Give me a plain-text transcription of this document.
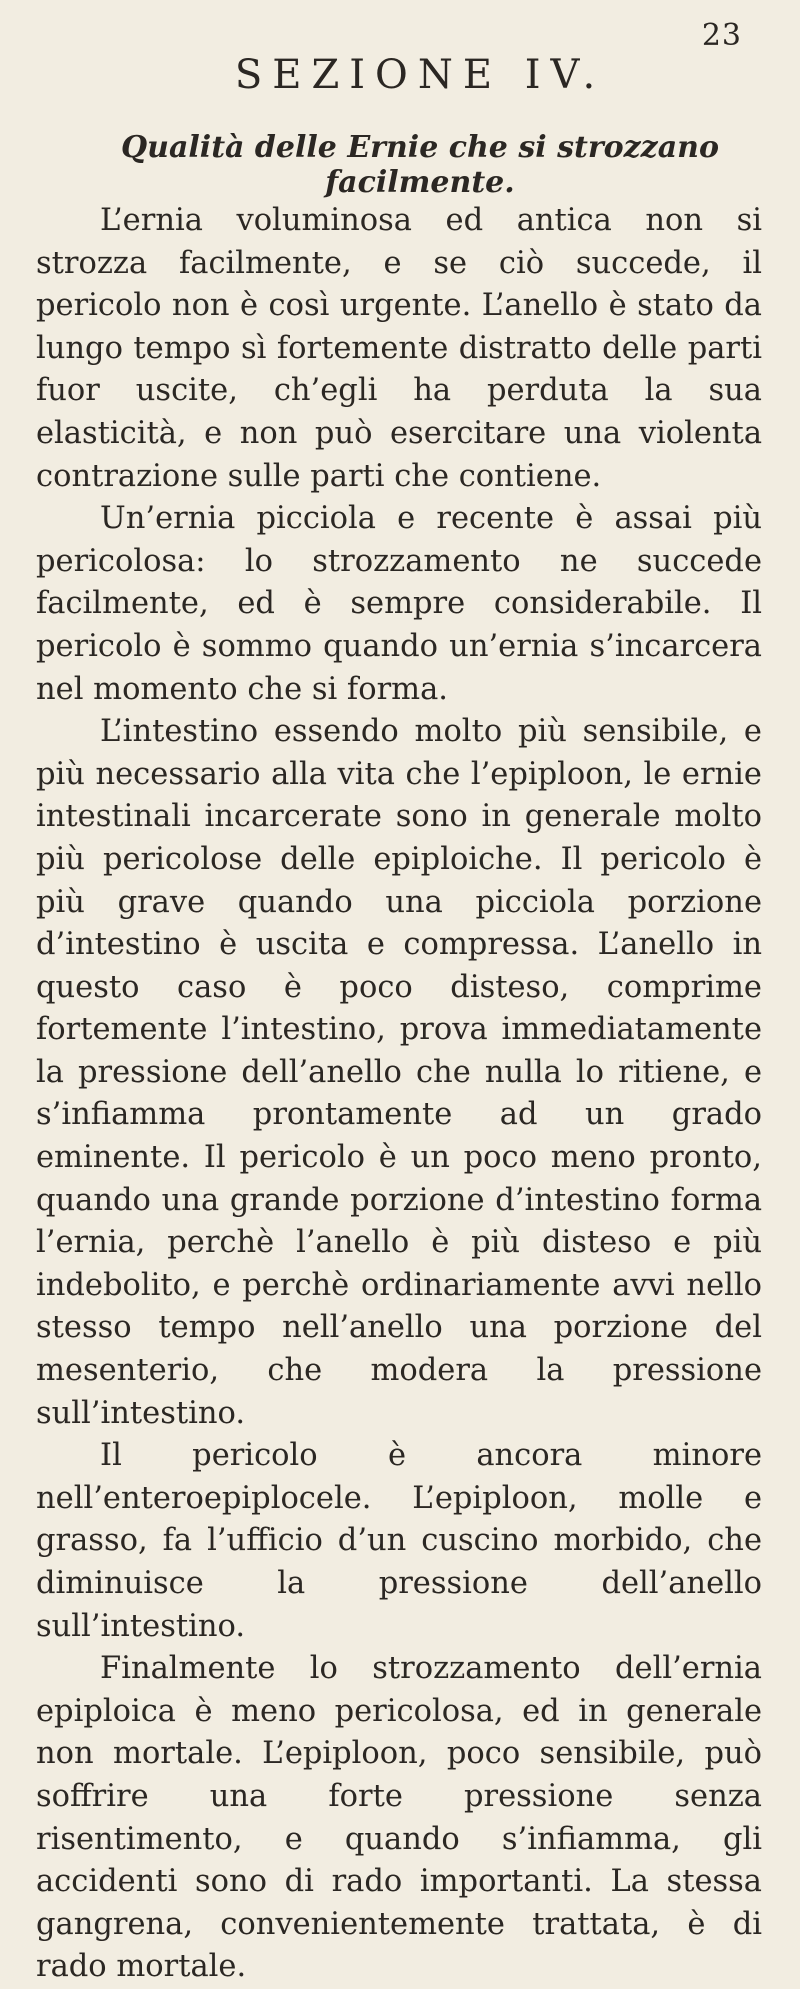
23
SEZIONE IV.
Qualità delle Ernie che si strozzano facilmente.

L’ernia voluminosa ed antica non si strozza facilmente, e se ciò succede, il pericolo non è così urgente. L’anello è stato da lungo tempo sì fortemente distratto delle parti fuor uscite, ch’egli ha perduta la sua elasticità, e non può esercitare una violenta contrazione sulle parti che contiene.

Un’ernia picciola e recente è assai più pericolosa: lo strozzamento ne succede facilmente, ed è sempre considerabile. Il pericolo è sommo quando un’ernia s’incarcera nel momento che si forma.

L’intestino essendo molto più sensibile, e più necessario alla vita che l’epiploon, le ernie intestinali incarcerate sono in generale molto più pericolose delle epiploiche. Il pericolo è più grave quando una picciola porzione d’intestino è uscita e compressa. L’anello in questo caso è poco disteso, comprime fortemente l’intestino, prova immediatamente la pressione dell’anello che nulla lo ritiene, e s’infiamma prontamente ad un grado eminente. Il pericolo è un poco meno pronto, quando una grande porzione d’intestino forma l’ernia, perchè l’anello è più disteso e più indebolito, e perchè ordinariamente avvi nello stesso tempo nell’anello una porzione del mesenterio, che modera la pressione sull’intestino.

Il pericolo è ancora minore nell’enteroepiplocele. L’epiploon, molle e grasso, fa l’ufficio d’un cuscino morbido, che diminuisce la pressione dell’anello sull’intestino.

Finalmente lo strozzamento dell’ernia epiploica è meno pericolosa, ed in generale non mortale. L’epiploon, poco sensibile, può soffrire una forte pressione senza risentimento, e quando s’infiamma, gli accidenti sono di rado importanti. La stessa gangrena, convenientemente trattata, è di rado mortale.
